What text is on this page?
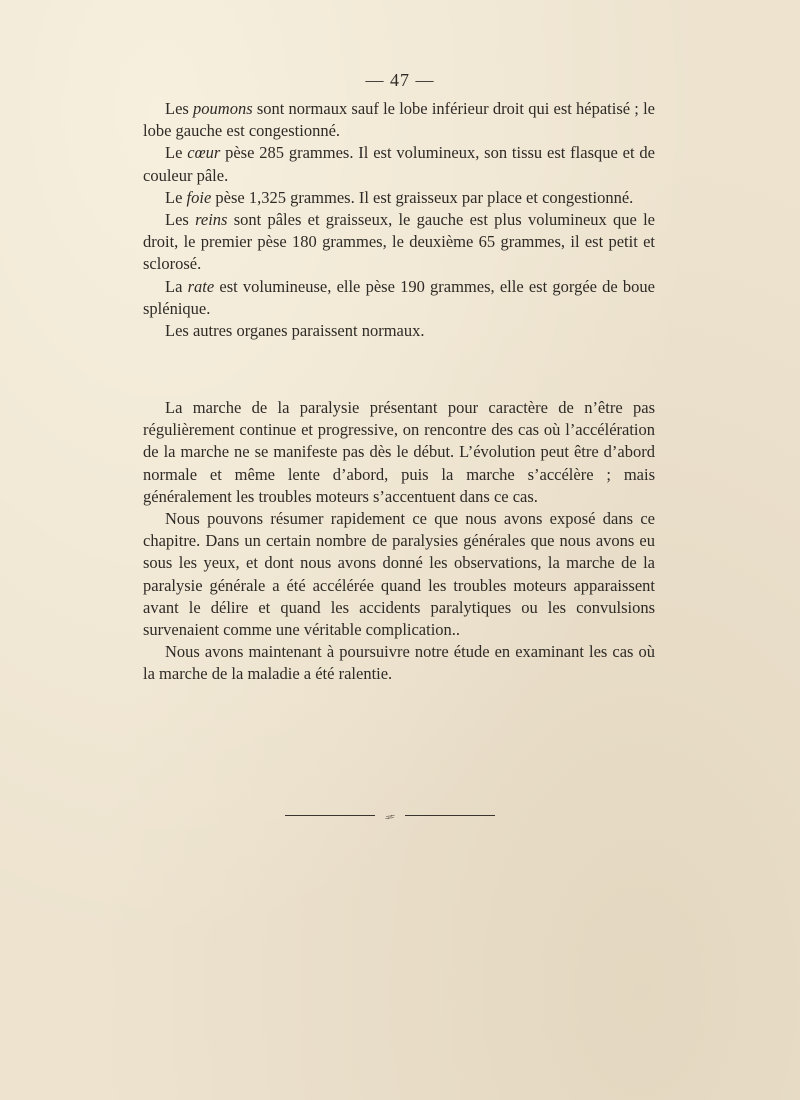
— 47 —

Les poumons sont normaux sauf le lobe inférieur droit qui est hépatisé ; le lobe gauche est congestionné.

Le cœur pèse 285 grammes. Il est volumineux, son tissu est flasque et de couleur pâle.

Le foie pèse 1,325 grammes. Il est graisseux par place et congestionné.

Les reins sont pâles et graisseux, le gauche est plus volumineux que le droit, le premier pèse 180 grammes, le deuxième 65 grammes, il est petit et sclorosé.

La rate est volumineuse, elle pèse 190 grammes, elle est gorgée de boue splénique.

Les autres organes paraissent normaux.

La marche de la paralysie présentant pour caractère de n’être pas régulièrement continue et progressive, on rencontre des cas où l’accélération de la marche ne se manifeste pas dès le début. L’évolution peut être d’abord normale et même lente d’abord, puis la marche s’accélère ; mais généralement les troubles moteurs s’accentuent dans ce cas.

Nous pouvons résumer rapidement ce que nous avons exposé dans ce chapitre. Dans un certain nombre de paralysies générales que nous avons eu sous les yeux, et dont nous avons donné les observations, la marche de la paralysie générale a été accélérée quand les troubles moteurs apparaissent avant le délire et quand les accidents paralytiques ou les convulsions survenaient comme une véritable complication..

Nous avons maintenant à poursuivre notre étude en examinant les cas où la marche de la maladie a été ralentie.

⟓⟔
